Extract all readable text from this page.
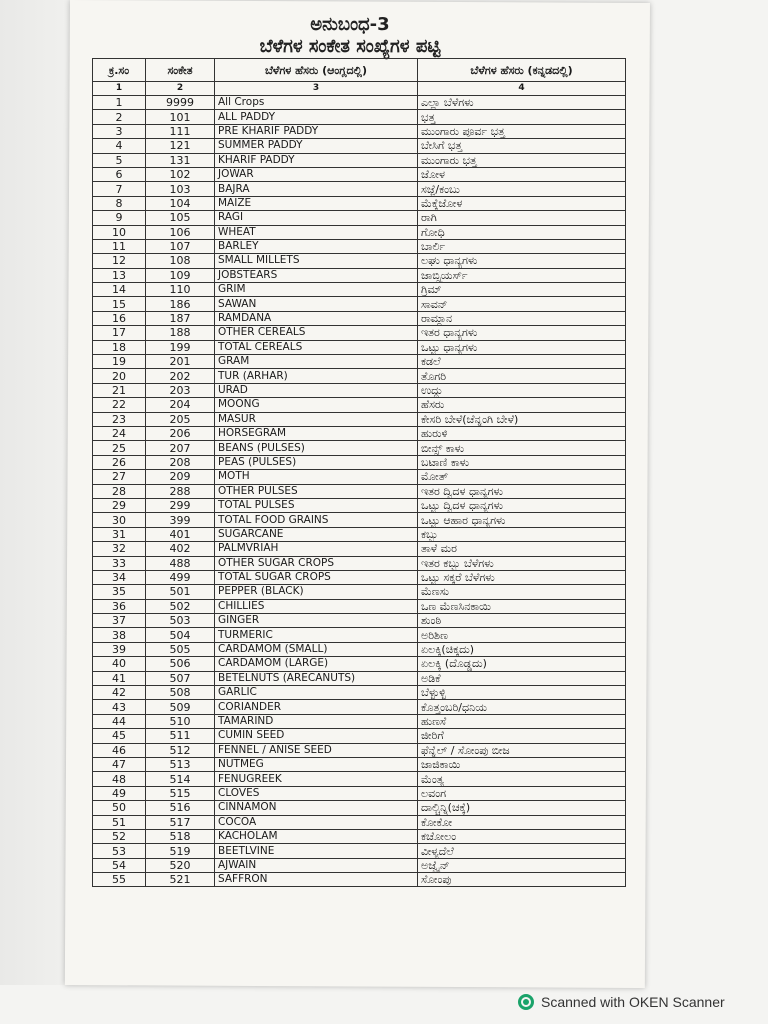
ಅನುಬಂಧ-3
ಬೆಳೆಗಳ ಸಂಕೇತ ಸಂಖ್ಯೆಗಳ ಪಟ್ಟಿ
ಕ್ರ.ಸಂ	ಸಂಕೇತ	ಬೆಳೆಗಳ ಹೆಸರು (ಆಂಗ್ಲದಲ್ಲಿ)	ಬೆಳೆಗಳ ಹೆಸರು (ಕನ್ನಡದಲ್ಲಿ)
1	2	3	4
1	9999	All Crops	ಎಲ್ಲಾ ಬೆಳೆಗಳು
2	101	ALL PADDY	ಭತ್ತ
3	111	PRE KHARIF PADDY	ಮುಂಗಾರು ಪೂರ್ವ ಭತ್ತ
4	121	SUMMER PADDY	ಬೇಸಿಗೆ ಭತ್ತ
5	131	KHARIF PADDY	ಮುಂಗಾರು ಭತ್ತ
6	102	JOWAR	ಜೋಳ
7	103	BAJRA	ಸಜ್ಜೆ/ಕಂಬು
8	104	MAIZE	ಮೆಕ್ಕೆಜೋಳ
9	105	RAGI	ರಾಗಿ
10	106	WHEAT	ಗೋಧಿ
11	107	BARLEY	ಬಾರ್ಲಿ
12	108	SMALL MILLETS	ಲಘು ಧಾನ್ಯಗಳು
13	109	JOBSTEARS	ಜಾಬ್ಸ್ಟಿಯರ್ಸ್
14	110	GRIM	ಗ್ರಿಮ್
15	186	SAWAN	ಸಾವನ್
16	187	RAMDANA	ರಾಮ್ದಾನ
17	188	OTHER CEREALS	ಇತರ ಧಾನ್ಯಗಳು
18	199	TOTAL CEREALS	ಒಟ್ಟು ಧಾನ್ಯಗಳು
19	201	GRAM	ಕಡಲೆ
20	202	TUR (ARHAR)	ತೊಗರಿ
21	203	URAD	ಉದ್ದು
22	204	MOONG	ಹೆಸರು
23	205	MASUR	ಕೇಸರಿ ಬೇಳೆ(ಚೆನ್ನಂಗಿ ಬೇಳೆ)
24	206	HORSEGRAM	ಹುರುಳಿ
25	207	BEANS (PULSES)	ಬೀನ್ಸ್ ಕಾಳು
26	208	PEAS (PULSES)	ಬಟಾಣಿ ಕಾಳು
27	209	MOTH	ಮೋತ್
28	288	OTHER PULSES	ಇತರ ದ್ವಿದಳ ಧಾನ್ಯಗಳು
29	299	TOTAL PULSES	ಒಟ್ಟು ದ್ವಿದಳ ಧಾನ್ಯಗಳು
30	399	TOTAL FOOD GRAINS	ಒಟ್ಟು ಆಹಾರ ಧಾನ್ಯಗಳು
31	401	SUGARCANE	ಕಬ್ಬು
32	402	PALMVRIAH	ತಾಳೆ ಮರ
33	488	OTHER SUGAR CROPS	ಇತರ ಕಬ್ಬು ಬೆಳೆಗಳು
34	499	TOTAL SUGAR CROPS	ಒಟ್ಟು ಸಕ್ಕರೆ ಬೆಳೆಗಳು
35	501	PEPPER (BLACK)	ಮೆಣಸು
36	502	CHILLIES	ಒಣ ಮೆಣಸಿನಕಾಯಿ
37	503	GINGER	ಶುಂಠಿ
38	504	TURMERIC	ಅರಿಶಿಣ
39	505	CARDAMOM (SMALL)	ಏಲಕ್ಕಿ(ಚಿಕ್ಕದು)
40	506	CARDAMOM (LARGE)	ಏಲಕ್ಕಿ (ದೊಡ್ಡದು)
41	507	BETELNUTS (ARECANUTS)	ಅಡಿಕೆ
42	508	GARLIC	ಬೆಳ್ಳುಳ್ಳಿ
43	509	CORIANDER	ಕೊತ್ತಂಬರಿ/ಧನಿಯ
44	510	TAMARIND	ಹುಣಸೆ
45	511	CUMIN SEED	ಜೀರಿಗೆ
46	512	FENNEL / ANISE SEED	ಫೆನ್ನೆಲ್ / ಸೋಂಪು ಬೀಜ
47	513	NUTMEG	ಜಾಜಿಕಾಯಿ
48	514	FENUGREEK	ಮೆಂತ್ಯ
49	515	CLOVES	ಲವಂಗ
50	516	CINNAMON	ದಾಲ್ಚಿನ್ನಿ(ಚಕ್ಕೆ)
51	517	COCOA	ಕೋಕೋ
52	518	KACHOLAM	ಕಚೋಲಂ
53	519	BEETLVINE	ವೀಳ್ಯದೆಲೆ
54	520	AJWAIN	ಅಜ್ವೈನ್
55	521	SAFFRON	ಸೋಂಪು
Scanned with OKEN Scanner
